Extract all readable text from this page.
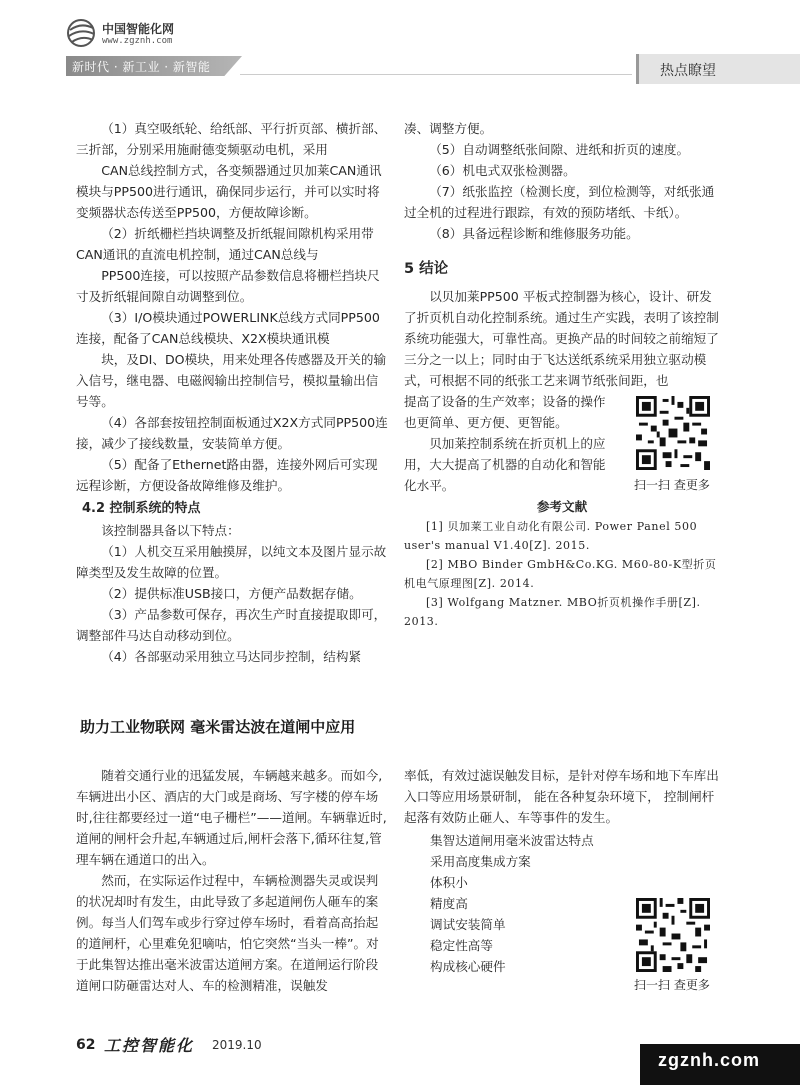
中国智能化网
www.zgznh.com
新时代 · 新工业 · 新智能	热点瞭望

（1）真空吸纸轮、给纸部、平行折页部、横折部、三折部，分别采用施耐德变频驱动电机，采用

CAN总线控制方式，各变频器通过贝加莱CAN通讯模块与PP500进行通讯，确保同步运行，并可以实时将变频器状态传送至PP500，方便故障诊断。

（2）折纸栅栏挡块调整及折纸辊间隙机构采用带CAN通讯的直流电机控制，通过CAN总线与

PP500连接，可以按照产品参数信息将栅栏挡块尺寸及折纸辊间隙自动调整到位。

（3）I/O模块通过POWERLINK总线方式同PP500连接，配备了CAN总线模块、X2X模块通讯模

块，及DI、DO模块，用来处理各传感器及开关的输入信号，继电器、电磁阀输出控制信号，模拟量输出信号等。

（4）各部套按钮控制面板通过X2X方式同PP500连接，减少了接线数量，安装简单方便。

（5）配备了Ethernet路由器，连接外网后可实现远程诊断，方便设备故障维修及维护。

4.2 控制系统的特点

该控制器具备以下特点：

（1）人机交互采用触摸屏，以纯文本及图片显示故障类型及发生故障的位置。

（2）提供标准USB接口，方便产品数据存储。

（3）产品参数可保存，再次生产时直接提取即可，调整部件马达自动移动到位。

（4）各部驱动采用独立马达同步控制，结构紧

凑、调整方便。

（5）自动调整纸张间隙、进纸和折页的速度。

（6）机电式双张检测器。

（7）纸张监控（检测长度，到位检测等，对纸张通过全机的过程进行跟踪，有效的预防堵纸、卡纸）。

（8）具备远程诊断和维修服务功能。

5 结论

以贝加莱PP500 平板式控制器为核心，设计、研发了折页机自动化控制系统。通过生产实践，表明了该控制系统功能强大，可靠性高。更换产品的时间较之前缩短了三分之一以上；同时由于飞达送纸系统采用独立驱动模式，可根据不同的纸张工艺来调节纸张间距，也

提高了设备的生产效率；设备的操作也更简单、更方便、更智能。

贝加莱控制系统在折页机上的应用，大大提高了机器的自动化和智能化水平。

参考文献

[1] 贝加莱工业自动化有限公司. Power Panel 500 user's manual V1.40[Z]. 2015.

[2] MBO Binder GmbH&Co.KG. M60-80-K型折页机电气原理图[Z]. 2014.

[3] Wolfgang Matzner. MBO折页机操作手册[Z]. 2013.

扫一扫 查更多
助力工业物联网 毫米雷达波在道闸中应用

随着交通行业的迅猛发展，车辆越来越多。而如今,车辆进出小区、酒店的大门或是商场、写字楼的停车场时,往往都要经过一道“电子栅栏”——道闸。车辆靠近时,道闸的闸杆会升起,车辆通过后,闸杆会落下,循环往复,管理车辆在通道口的出入。

然而，在实际运作过程中，车辆检测器失灵或误判的状况却时有发生，由此导致了多起道闸伤人砸车的案例。每当人们驾车或步行穿过停车场时，看着高高抬起的道闸杆，心里难免犯嘀咕，怕它突然“当头一棒”。对于此集智达推出毫米波雷达道闸方案。在道闸运行阶段道闸口防砸雷达对人、车的检测精准，误触发

率低，有效过滤误触发目标，是针对停车场和地下车库出入口等应用场景研制， 能在各种复杂环境下， 控制闸杆起落有效防止砸人、车等事件的发生。

集智达道闸用毫米波雷达特点

采用高度集成方案

体积小

精度高

调试安装简单

稳定性高等

构成核心硬件

扫一扫 查更多
62 工控智能化 2019.10
zgznh.com
